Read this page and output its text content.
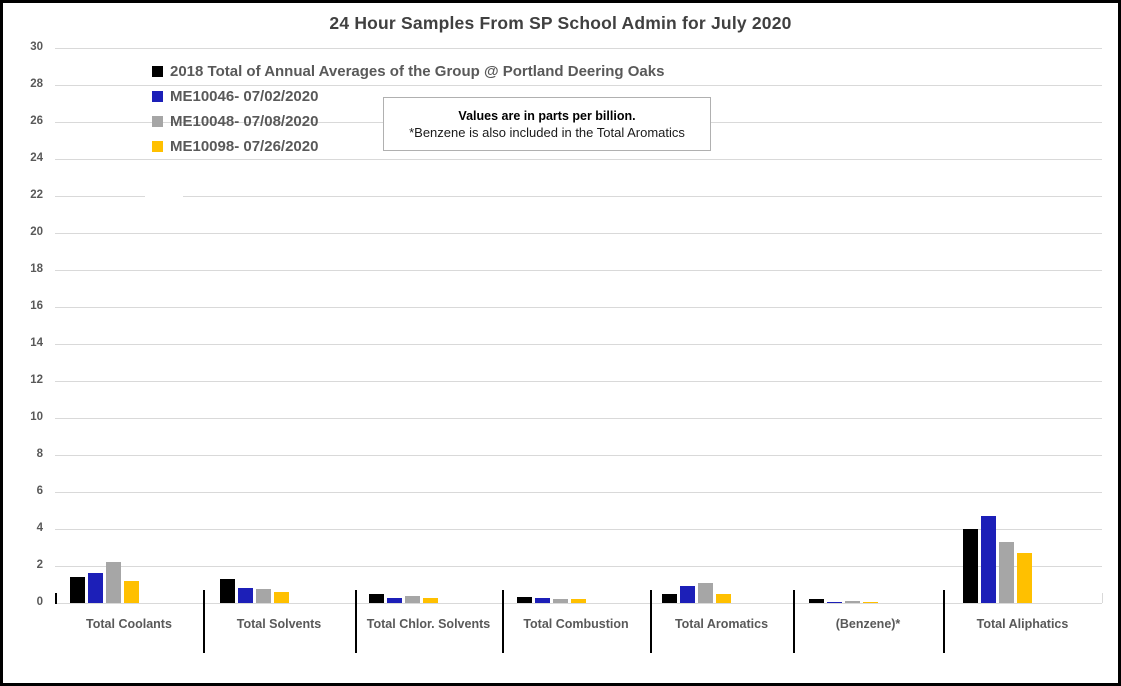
24 Hour Samples From SP School Admin for July 2020
2018 Total of Annual Averages of the Group @ Portland Deering Oaks
ME10046- 07/02/2020
ME10048- 07/08/2020
ME10098- 07/26/2020
Values are in parts per billion.
*Benzene is also included in the Total Aromatics
0
2
4
6
8
10
12
14
16
18
20
22
24
26
28
30
Total Coolants	Total Solvents	Total Chlor. Solvents	Total Combustion	Total Aromatics	(Benzene)*	Total Aliphatics
